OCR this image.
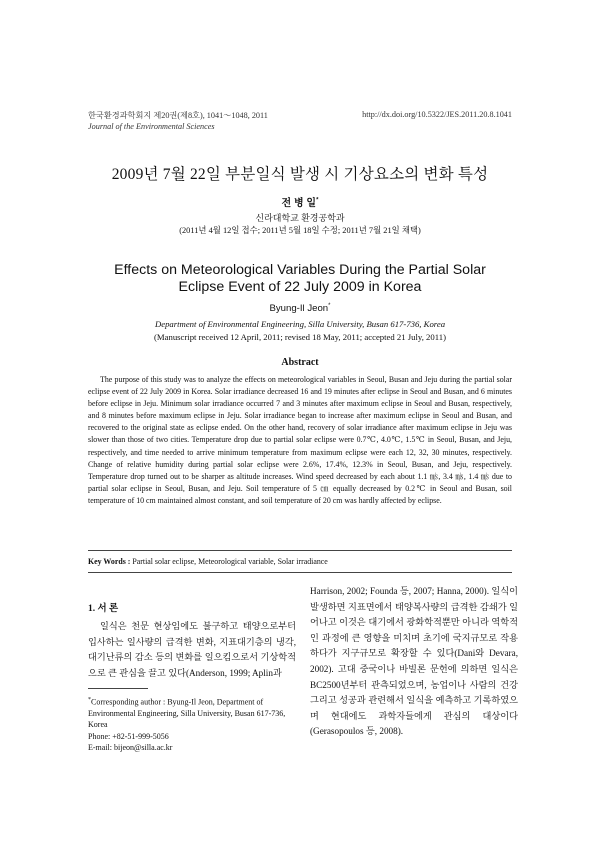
한국환경과학회지 제20권(제8호), 1041～1048, 2011
Journal of the Environmental Sciences
http://dx.doi.org/10.5322/JES.2011.20.8.1041
2009년 7월 22일 부분일식 발생 시 기상요소의 변화 특성
전 병 일*
신라대학교 환경공학과
(2011년 4월 12일 접수; 2011년 5월 18일 수정; 2011년 7월 21일 채택)
Effects on Meteorological Variables During the Partial Solar
Eclipse Event of 22 July 2009 in Korea
Byung-Il Jeon*
Department of Environmental Engineering, Silla University, Busan 617-736, Korea
(Manuscript received 12 April, 2011; revised 18 May, 2011; accepted 21 July, 2011)
Abstract

The purpose of this study was to analyze the effects on meteorological variables in Seoul, Busan and Jeju during the partial solar eclipse event of 22 July 2009 in Korea. Solar irradiance decreased 16 and 19 minutes after eclipse in Seoul and Busan, and 6 minutes before eclipse in Jeju. Minimum solar irradiance occurred 7 and 3 minutes after maximum eclipse in Seoul and Busan, respectively, and 8 minutes before maximum eclipse in Jeju. Solar irradiance began to increase after maximum eclipse in Seoul and Busan, and recovered to the original state as eclipse ended. On the other hand, recovery of solar irradiance after maximum eclipse in Jeju was slower than those of two cities. Temperature drop due to partial solar eclipse were 0.7℃, 4.0℃, 1.5℃ in Seoul, Busan, and Jeju, respectively, and time needed to arrive minimum temperature from maximum eclipse were each 12, 32, 30 minutes, respectively. Change of relative humidity during partial solar eclipse were 2.6%, 17.4%, 12.3% in Seoul, Busan, and Jeju, respectively. Temperature drop turned out to be sharper as altitude increases. Wind speed decreased by each about 1.1 ㎧, 3.4 ㎧, 1.4 ㎧ due to partial solar eclipse in Seoul, Busan, and Jeju. Soil temperature of 5 ㎝ equally decreased by 0.2℃ in Seoul and Busan, soil temperature of 10 cm maintained almost constant, and soil temperature of 20 cm was hardly affected by eclipse.

Key Words : Partial solar eclipse, Meteorological variable, Solar irradiance
1. 서 론

일식은 천문 현상임에도 불구하고 태양으로부터 입사하는 일사량의 급격한 변화, 지표대기층의 냉각, 대기난류의 감소 등의 변화를 일으킴으로서 기상학적으로 큰 관심을 끌고 있다(Anderson, 1999; Aplin과

*Corresponding author : Byung-Il Jeon, Department of Environmental Engineering, Silla University, Busan 617-736, Korea

Phone: +82-51-999-5056

E-mail: bijeon@silla.ac.kr

Harrison, 2002; Founda 등, 2007; Hanna, 2000). 일식이 발생하면 지표면에서 태양복사량의 급격한 감쇄가 일어나고 이것은 대기에서 광화학적뿐만 아니라 역학적인 과정에 큰 영향을 미치며 초기에 국지규모로 작용하다가 지구규모로 확장할 수 있다(Dani와 Devara, 2002). 고대 중국이나 바빌론 문헌에 의하면 일식은 BC2500년부터 관측되었으며, 농업이나 사람의 건강 그리고 성공과 관련해서 일식을 예측하고 기록하였으며 현대에도 과학자들에게 관심의 대상이다(Gerasopoulos 등, 2008).
